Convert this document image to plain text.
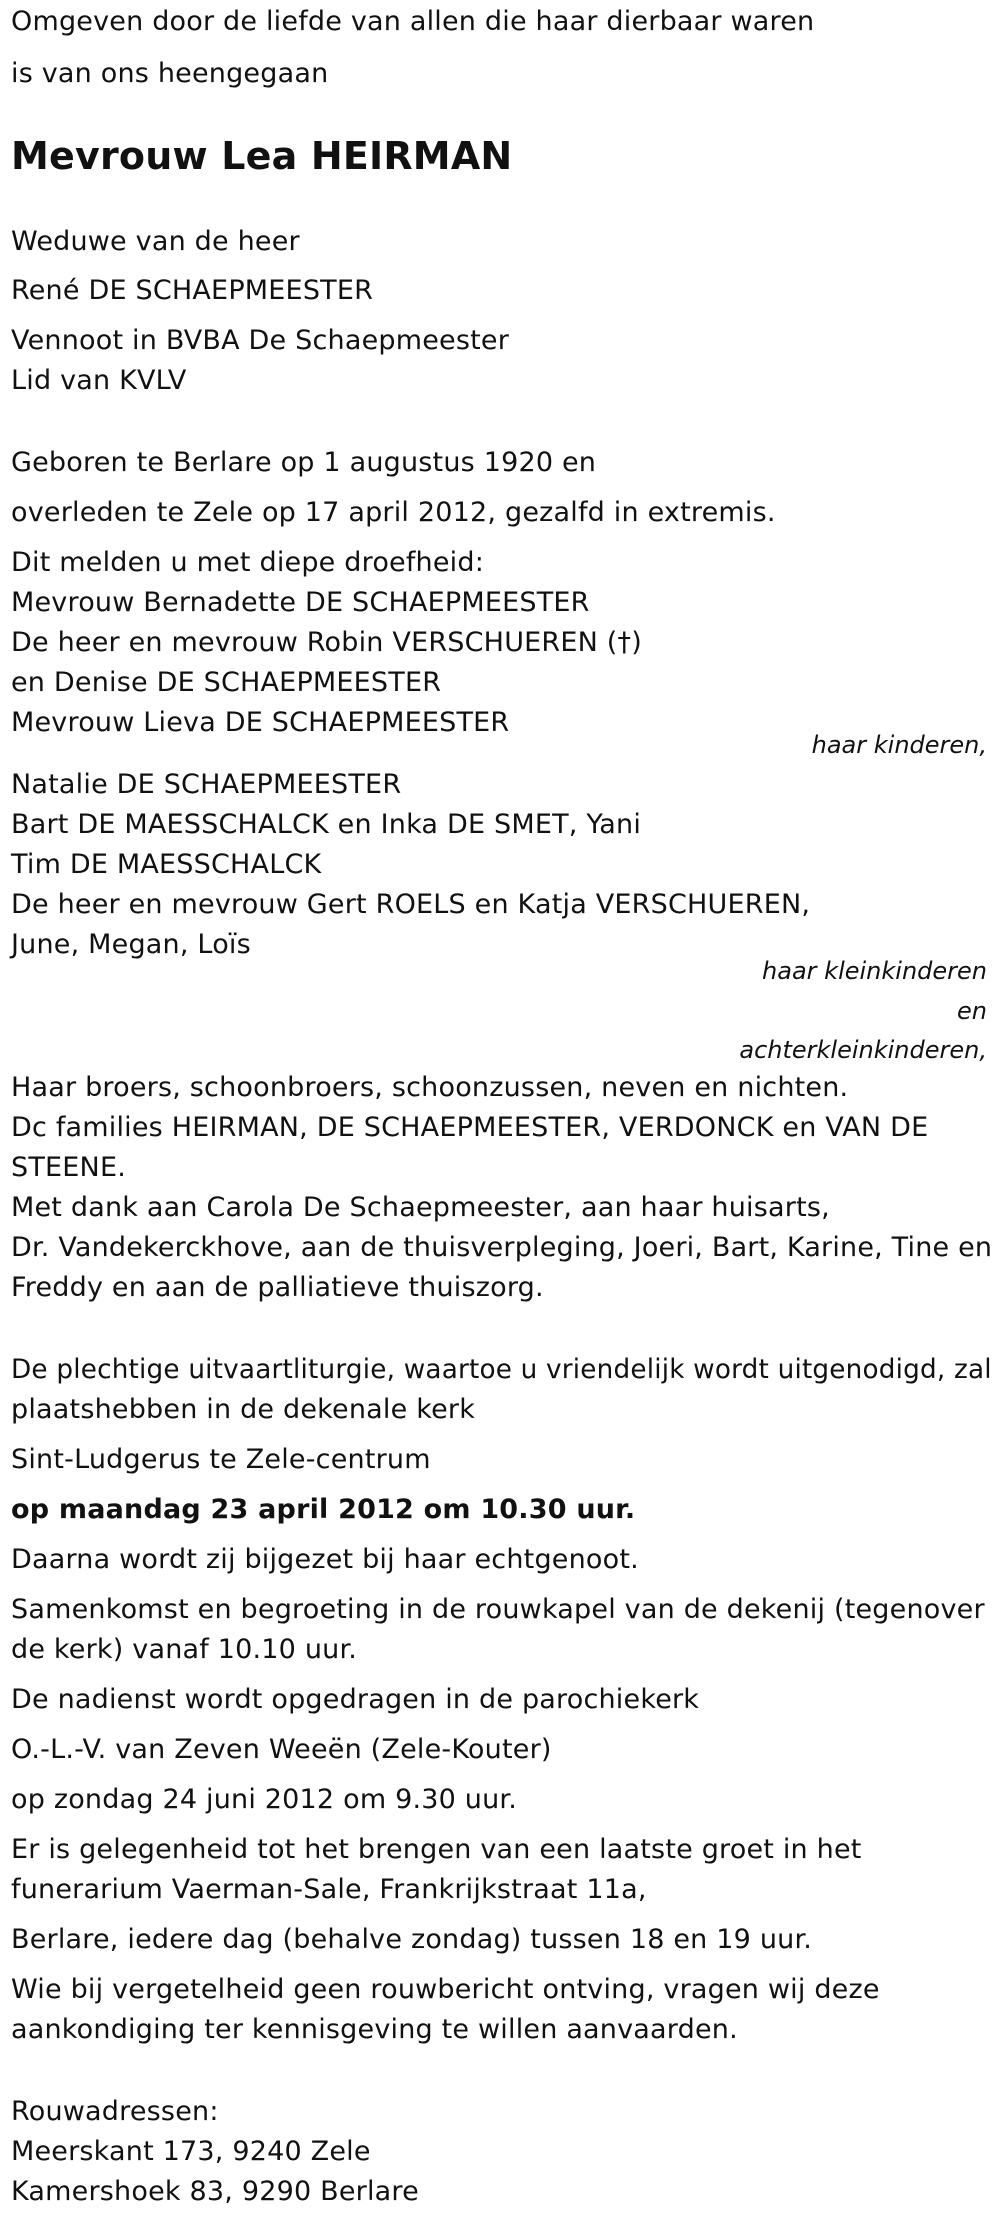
Omgeven door de liefde van allen die haar dierbaar waren

is van ons heengegaan

Mevrouw Lea HEIRMAN

Weduwe van de heer

René DE SCHAEPMEESTER

Vennoot in BVBA De Schaepmeester

Lid van KVLV

Geboren te Berlare op 1 augustus 1920 en

overleden te Zele op 17 april 2012, gezalfd in extremis.

Dit melden u met diepe droefheid:

Mevrouw Bernadette DE SCHAEPMEESTER

De heer en mevrouw Robin VERSCHUEREN (†)

en Denise DE SCHAEPMEESTER

Mevrouw Lieva DE SCHAEPMEESTER

haar kinderen,

Natalie DE SCHAEPMEESTER

Bart DE MAESSCHALCK en Inka DE SMET, Yani

Tim DE MAESSCHALCK

De heer en mevrouw Gert ROELS en Katja VERSCHUEREN,

June, Megan, Loïs

haar kleinkinderen

en

achterkleinkinderen,

Haar broers, schoonbroers, schoonzussen, neven en nichten.

Dc families HEIRMAN, DE SCHAEPMEESTER, VERDONCK en VAN DE

STEENE.

Met dank aan Carola De Schaepmeester, aan haar huisarts,

Dr. Vandekerckhove, aan de thuisverpleging, Joeri, Bart, Karine, Tine en

Freddy en aan de palliatieve thuiszorg.

De plechtige uitvaartliturgie, waartoe u vriendelijk wordt uitgenodigd, zal

plaatshebben in de dekenale kerk

Sint-Ludgerus te Zele-centrum

op maandag 23 april 2012 om 10.30 uur.

Daarna wordt zij bijgezet bij haar echtgenoot.

Samenkomst en begroeting in de rouwkapel van de dekenij (tegenover

de kerk) vanaf 10.10 uur.

De nadienst wordt opgedragen in de parochiekerk

O.-L.-V. van Zeven Weeën (Zele-Kouter)

op zondag 24 juni 2012 om 9.30 uur.

Er is gelegenheid tot het brengen van een laatste groet in het

funerarium Vaerman-Sale, Frankrijkstraat 11a,

Berlare, iedere dag (behalve zondag) tussen 18 en 19 uur.

Wie bij vergetelheid geen rouwbericht ontving, vragen wij deze

aankondiging ter kennisgeving te willen aanvaarden.

Rouwadressen:

Meerskant 173, 9240 Zele

Kamershoek 83, 9290 Berlare
